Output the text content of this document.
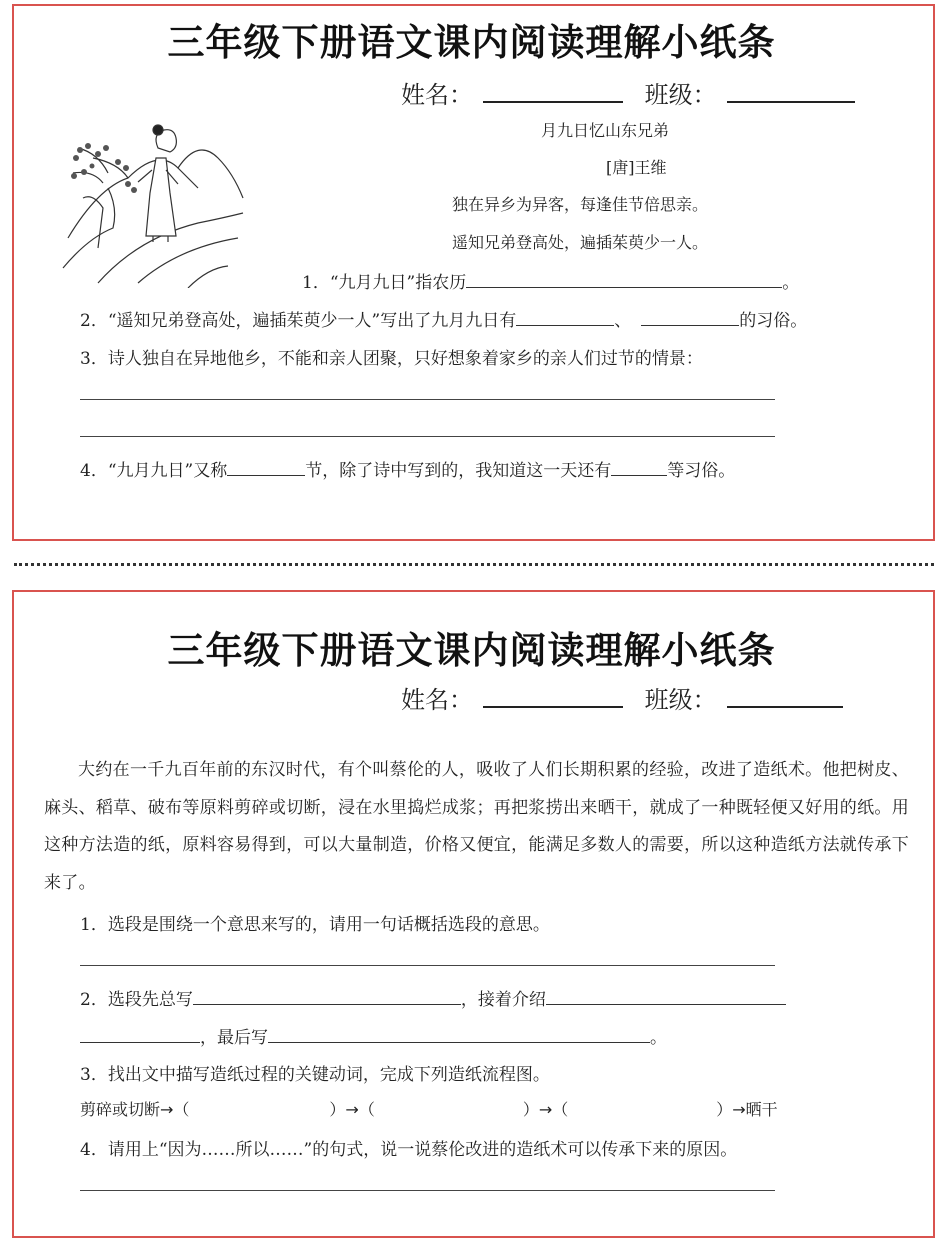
三年级下册语文课内阅读理解小纸条
姓名：	班级：
月九日忆山东兄弟
[唐]王维
独在异乡为异客，每逢佳节倍思亲。
遥知兄弟登高处，遍插茱萸少一人。
1．“九月九日”指农历	。
2．“遥知兄弟登高处，遍插茱萸少一人”写出了九月九日有	、	的习俗。
3．诗人独自在异地他乡，不能和亲人团聚，只好想象着家乡的亲人们过节的情景：
4．“九月九日”又称	节，除了诗中写到的，我知道这一天还有	等习俗。
三年级下册语文课内阅读理解小纸条
姓名：	班级：
大约在一千九百年前的东汉时代，有个叫蔡伦的人，吸收了人们长期积累的经验，改进了造纸术。他把树皮、麻头、稻草、破布等原料剪碎或切断，浸在水里捣烂成浆；再把浆捞出来晒干，就成了一种既轻便又好用的纸。用这种方法造的纸，原料容易得到，可以大量制造，价格又便宜，能满足多数人的需要，所以这种造纸方法就传承下来了。
1．选段是围绕一个意思来写的，请用一句话概括选段的意思。
2．选段先总写	，接着介绍
，最后写	。
3．找出文中描写造纸过程的关键动词，完成下列造纸流程图。
剪碎或切断→（	）→（	）→（	）→晒干
4．请用上“因为……所以……”的句式，说一说蔡伦改进的造纸术可以传承下来的原因。
